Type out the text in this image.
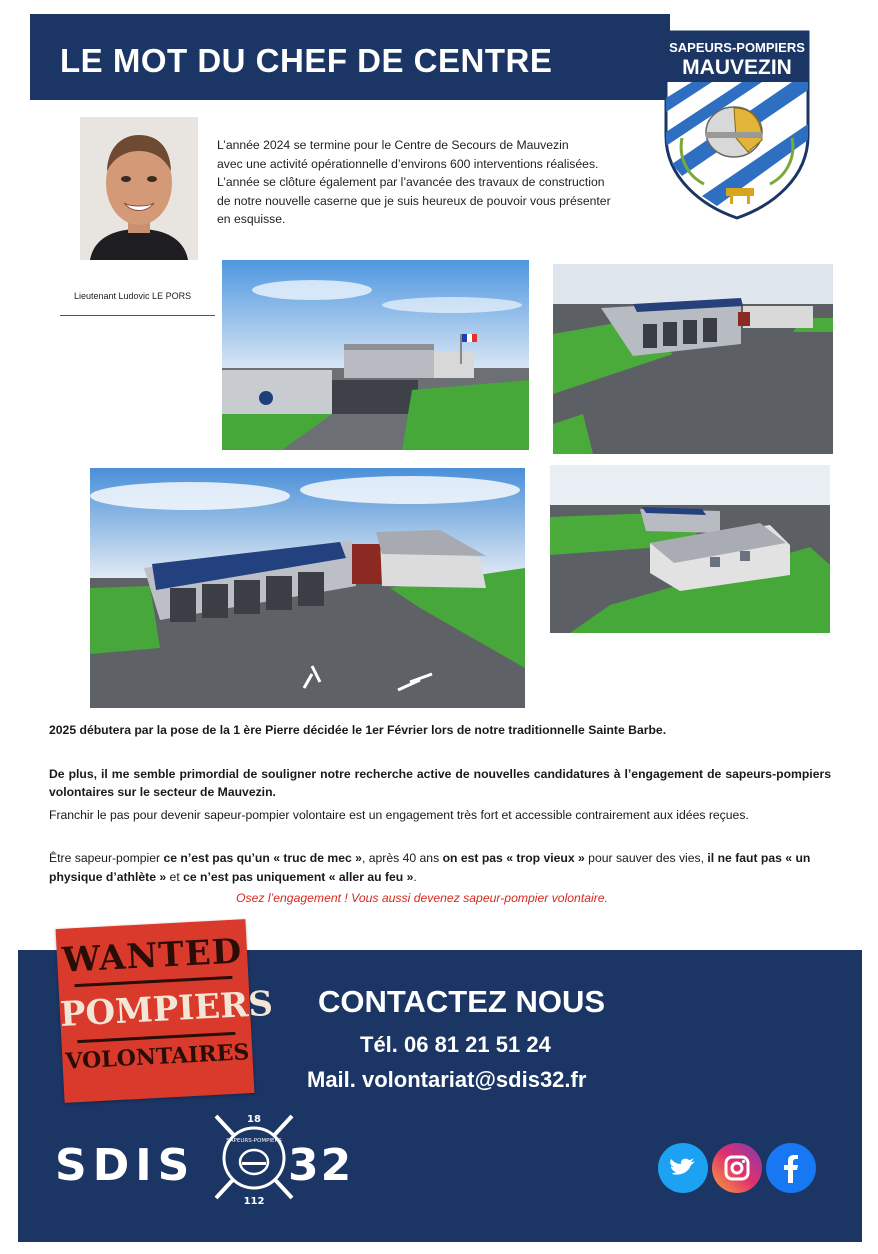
LE MOT DU CHEF DE CENTRE	SAPEURS-POMPIERS
MAUVEZIN
Lieutenant Ludovic LE PORS

L’année 2024 se termine pour le Centre de Secours de Mauvezin

avec une activité opérationnelle d’environs 600 interventions réalisées.

L’année se clôture également par l’avancée des travaux de construction

de notre nouvelle caserne que je suis heureux de pouvoir vous présenter

en esquisse.

2025 débutera par la pose de la 1 ère Pierre décidée le 1er Février lors de notre traditionnelle Sainte Barbe.
De plus, il me semble primordial de souligner notre recherche active de nouvelles candidatures à l’engagement de sapeurs-pompiers volontaires sur le secteur de Mauvezin.
Franchir le pas pour devenir sapeur-pompier volontaire est un engagement très fort et accessible contrairement aux idées reçues.
Être sapeur-pompier ce n’est pas qu’un « truc de mec », après 40 ans on est pas « trop vieux » pour sauver des vies, il ne faut pas « un physique d’athlète » et ce n’est pas uniquement « aller au feu ».
Osez l’engagement ! Vous aussi devenez sapeur-pompier volontaire.
WANTED
POMPIERS
VOLONTAIRES
CONTACTEZ NOUS
Tél. 06 81 21 51 24
Mail. volontariat@sdis32.fr
SDIS
18
SAPEURS-POMPIERS
112
32
